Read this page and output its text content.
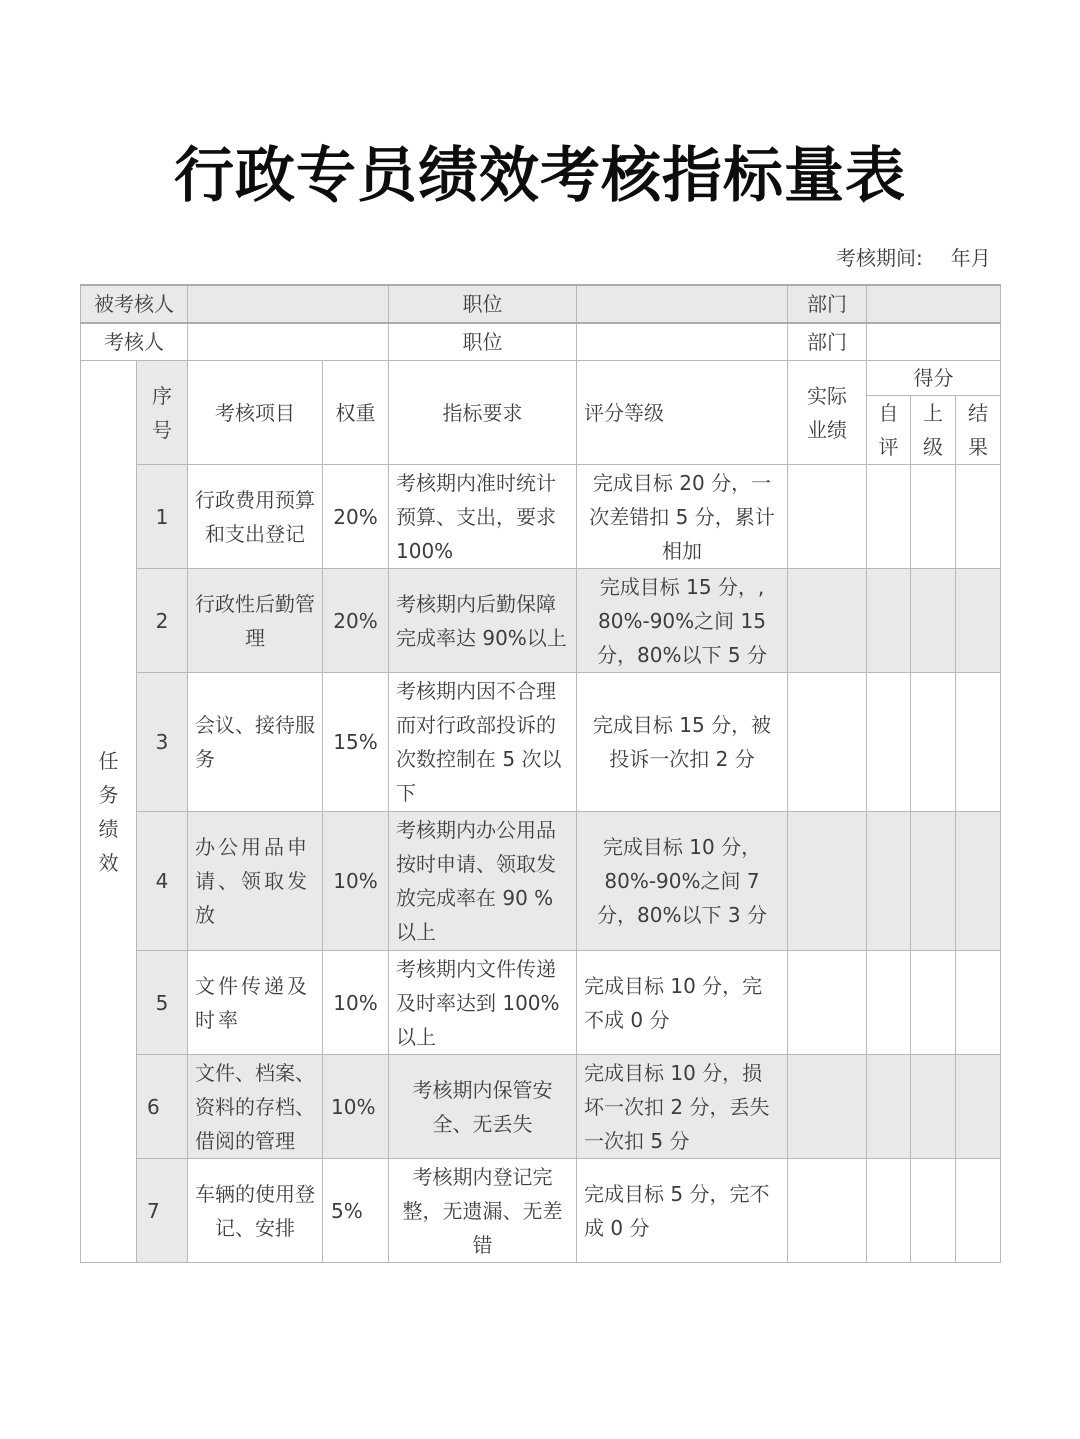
行政专员绩效考核指标量表
考核期间: 年月
被考核人				职位		部门			
考核人				职位		部门			

任务绩效	序号	考核项目	权重	指标要求	评分等级	实际业绩	得分		

							自评	上级	结果

	1	行政费用预算和支出登记	20%	考核期内准时统计预算、支出，要求100%	完成目标 20 分，一次差错扣 5 分，累计相加				
	2	行政性后勤管理	20%	考核期内后勤保障完成率达 90%以上	完成目标 15 分，, 80%-90%之间 15 分，80%以下 5 分				
	3	会议、接待服务	15%	考核期内因不合理而对行政部投诉的次数控制在 5 次以下	完成目标 15 分，被投诉一次扣 2 分				
	4	办公用品申请、领取发放	10%	考核期内办公用品按时申请、领取发放完成率在 90 %以上	完成目标 10 分，80%-90%之间 7 分，80%以下 3 分				
	5	文件传递及时率	10%	考核期内文件传递及时率达到 100%以上	完成目标 10 分，完不成 0 分				
	6	文件、档案、资料的存档、借阅的管理	10%	考核期内保管安全、无丢失	完成目标 10 分，损坏一次扣 2 分，丢失一次扣 5 分				
	7	车辆的使用登记、安排	5%	考核期内登记完整，无遗漏、无差错	完成目标 5 分，完不成 0 分				
